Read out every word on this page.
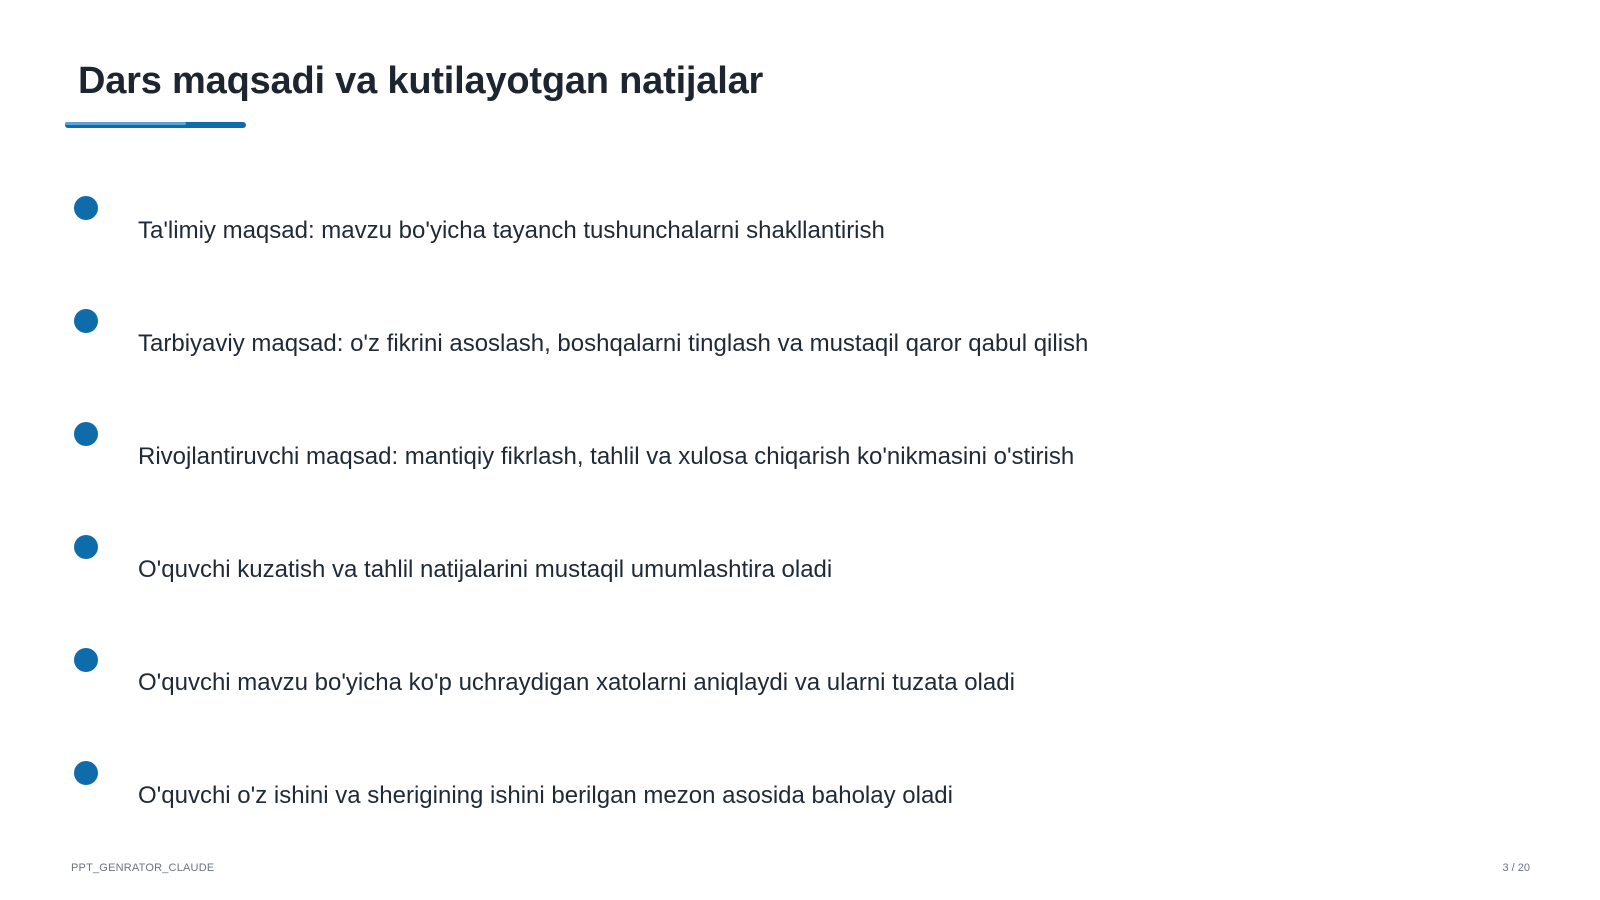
Dars maqsadi va kutilayotgan natijalar
Ta'limiy maqsad: mavzu bo'yicha tayanch tushunchalarni shakllantirish
Tarbiyaviy maqsad: o'z fikrini asoslash, boshqalarni tinglash va mustaqil qaror qabul qilish
Rivojlantiruvchi maqsad: mantiqiy fikrlash, tahlil va xulosa chiqarish ko'nikmasini o'stirish
O'quvchi kuzatish va tahlil natijalarini mustaqil umumlashtira oladi
O'quvchi mavzu bo'yicha ko'p uchraydigan xatolarni aniqlaydi va ularni tuzata oladi
O'quvchi o'z ishini va sherigining ishini berilgan mezon asosida baholay oladi
PPT_GENRATOR_CLAUDE	3 / 20
